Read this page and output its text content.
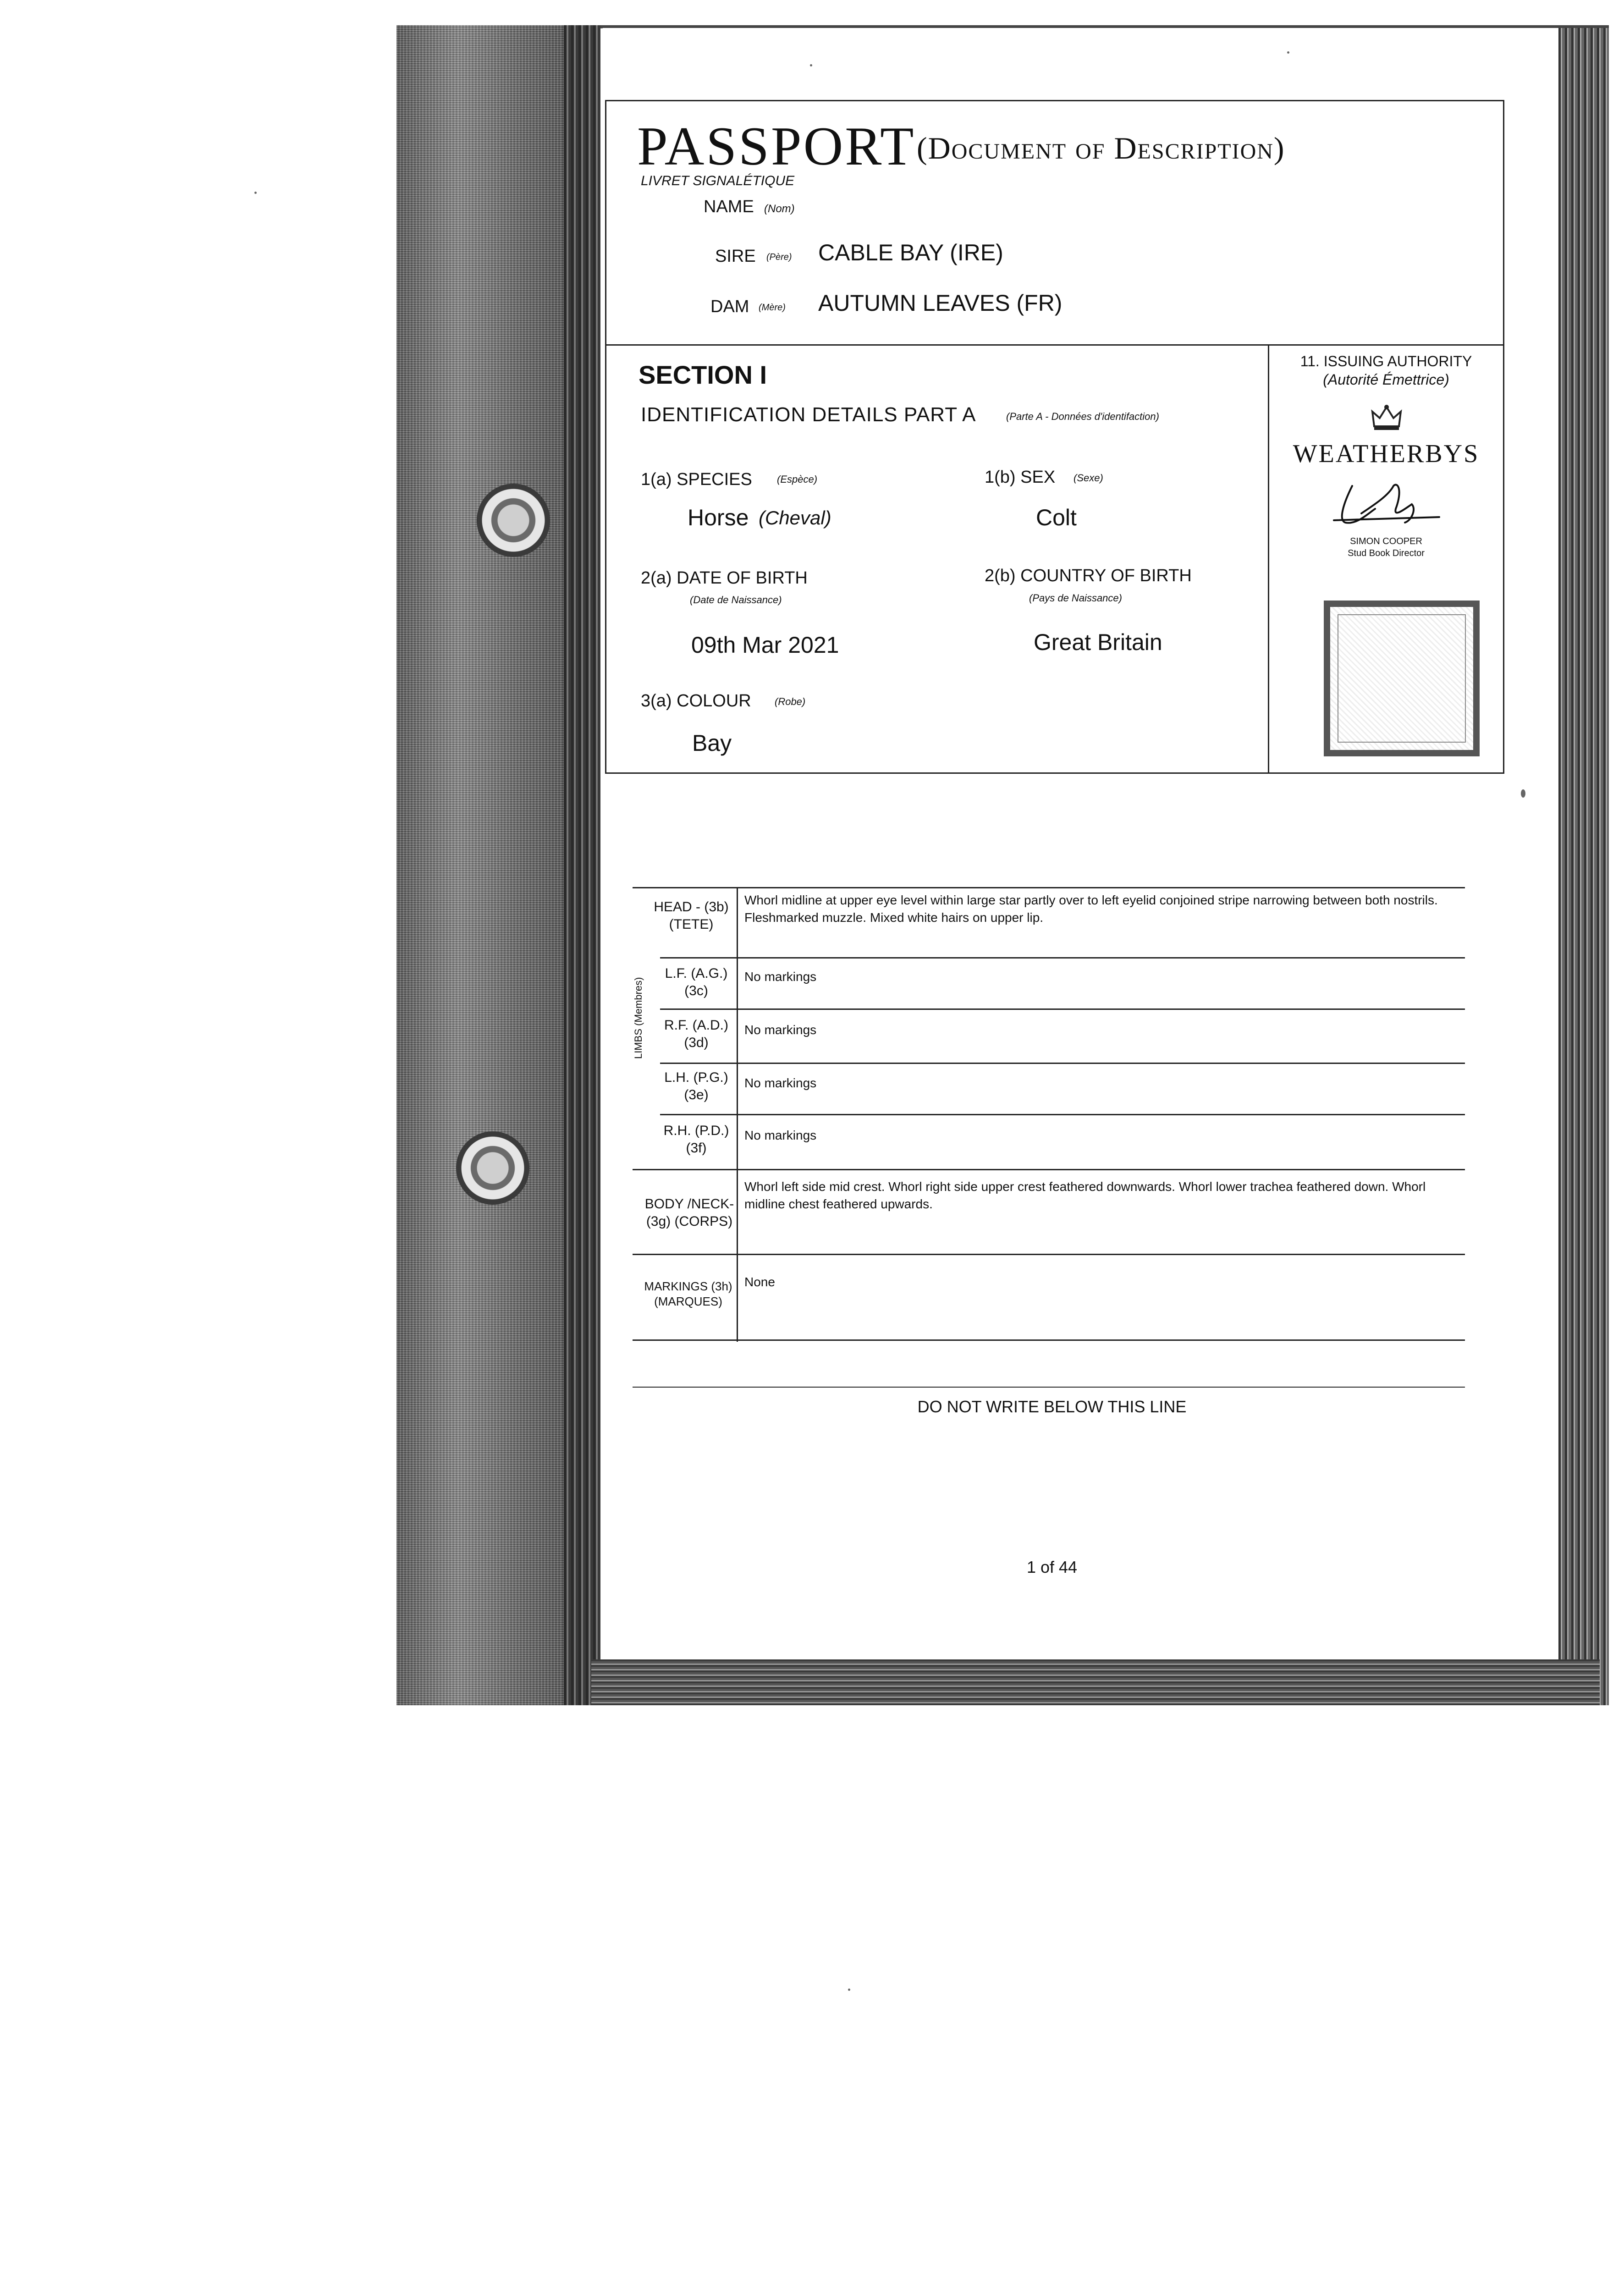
PASSPORT (Document of Description)
LIVRET SIGNALÉTIQUE
NAME (Nom)
SIRE (Père) CABLE BAY (IRE)
DAM (Mère) AUTUMN LEAVES (FR)
SECTION I
IDENTIFICATION DETAILS PART A	(Parte A - Données d'identifaction)
1(a) SPECIES (Espèce)
Horse (Cheval)
1(b) SEX (Sexe)
Colt
2(a) DATE OF BIRTH
(Date de Naissance)
09th Mar 2021
2(b) COUNTRY OF BIRTH
(Pays de Naissance)
Great Britain
3(a) COLOUR (Robe)
Bay
11. ISSUING AUTHORITY
(Autorité Émettrice)
WEATHERBYS
SIMON COOPER
Stud Book Director
HEAD - (3b)
(TETE)
Whorl midline at upper eye level within large star partly over to left eyelid conjoined stripe narrowing between both nostrils. Fleshmarked muzzle. Mixed white hairs on upper lip.
LIMBS (Membres)
L.F. (A.G.)
(3c)
No markings
R.F. (A.D.)
(3d)
No markings
L.H. (P.G.)
(3e)
No markings
R.H. (P.D.)
(3f)
No markings
BODY /NECK-
(3g) (CORPS)
Whorl left side mid crest. Whorl right side upper crest feathered downwards. Whorl lower trachea feathered down. Whorl midline chest feathered upwards.
MARKINGS (3h)
(MARQUES)
None
DO NOT WRITE BELOW THIS LINE
1 of 44
